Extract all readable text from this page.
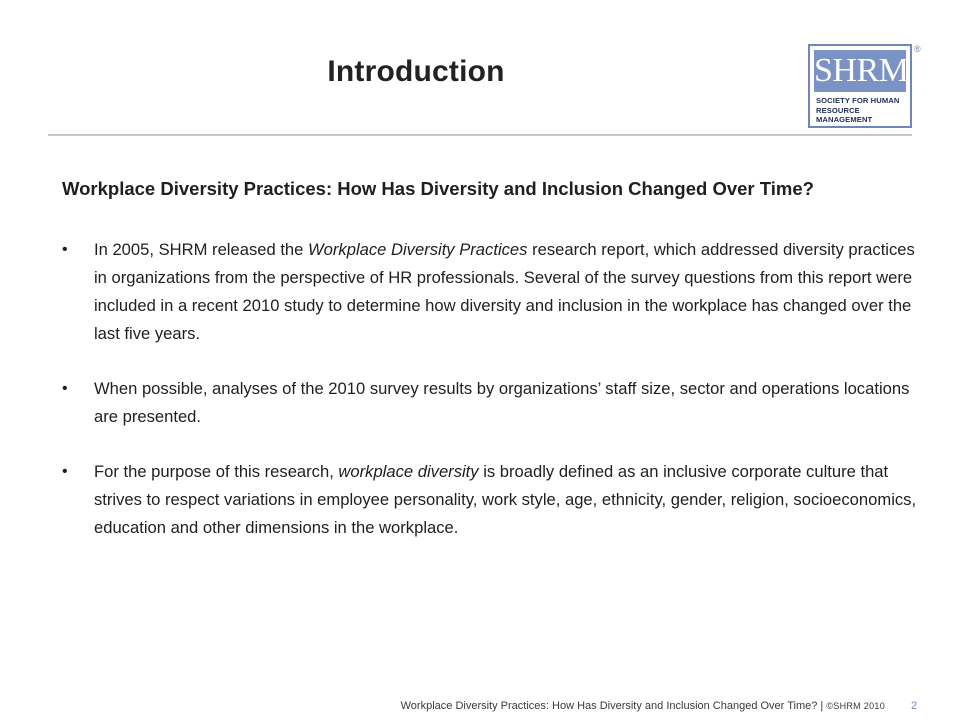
Introduction	SHRM
SOCIETY FOR HUMAN RESOURCE MANAGEMENT
®
Workplace Diversity Practices: How Has Diversity and Inclusion Changed Over Time?
• In 2005, SHRM released the Workplace Diversity Practices research report, which addressed diversity practices in organizations from the perspective of HR professionals. Several of the survey questions from this report were included in a recent 2010 study to determine how diversity and inclusion in the workplace has changed over the last five years.
• When possible, analyses of the 2010 survey results by organizations’ staff size, sector and operations locations are presented.
• For the purpose of this research, workplace diversity is broadly defined as an inclusive corporate culture that strives to respect variations in employee personality, work style, age, ethnicity, gender, religion, socioeconomics, education and other dimensions in the workplace.
Workplace Diversity Practices: How Has Diversity and Inclusion Changed Over Time? | ©SHRM 2010	2
